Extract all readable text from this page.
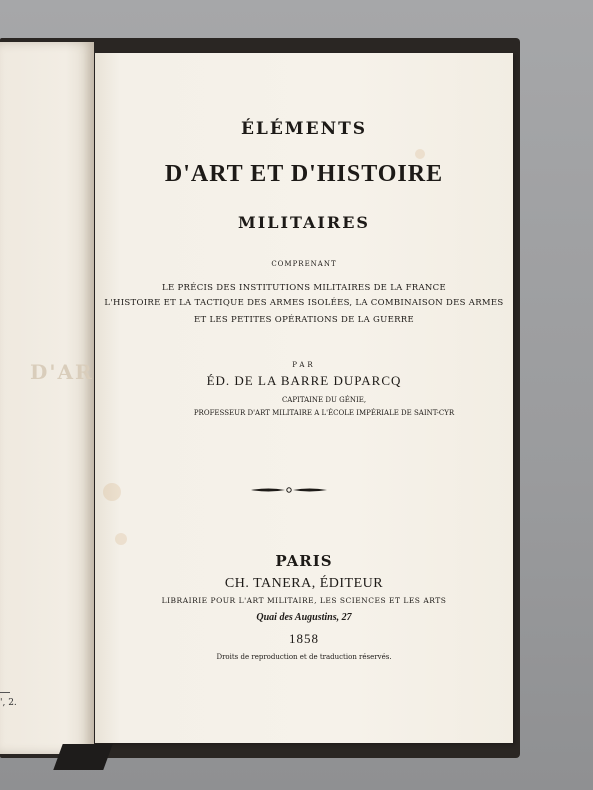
D'AR
', 2.
ÉLÉMENTS
D'ART ET D'HISTOIRE
MILITAIRES
COMPRENANT
LE PRÉCIS DES INSTITUTIONS MILITAIRES DE LA FRANCE
L'HISTOIRE ET LA TACTIQUE DES ARMES ISOLÉES, LA COMBINAISON DES ARMES
ET LES PETITES OPÉRATIONS DE LA GUERRE
PAR
ÉD. DE LA BARRE DUPARCQ
CAPITAINE DU GÉNIE,
PROFESSEUR D'ART MILITAIRE A L'ÉCOLE IMPÉRIALE DE SAINT-CYR
PARIS
CH. TANERA, ÉDITEUR
LIBRAIRIE POUR L'ART MILITAIRE, LES SCIENCES ET LES ARTS
Quai des Augustins, 27
1858
Droits de reproduction et de traduction réservés.
